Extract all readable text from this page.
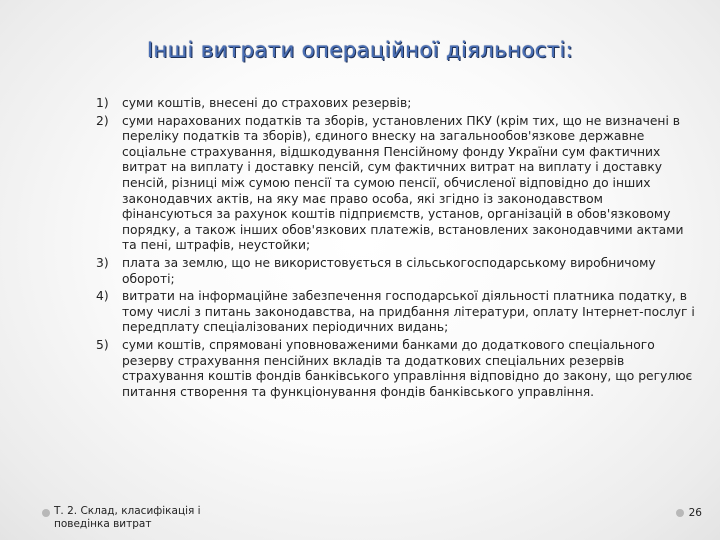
Інші витрати операційної діяльності:
1)	суми коштів, внесені до страхових резервів;
2)	суми нарахованих податків та зборів, установлених ПКУ (крім тих, що не визначені в переліку податків та зборів), єдиного внеску на загальнообов'язкове державне соціальне страхування, відшкодування Пенсійному фонду України сум фактичних витрат на виплату і доставку пенсій, сум фактичних витрат на виплату і доставку пенсій, різниці між сумою пенсії та сумою пенсії, обчисленої відповідно до інших законодавчих актів, на яку має право особа, які згідно із законодавством фінансуються за рахунок коштів підприємств, установ, організацій в обов'язковому порядку, а також інших обов'язкових платежів, встановлених законодавчими актами та пені, штрафів, неустойки;
3)	плата за землю, що не використовується в сільськогосподарському виробничому обороті;
4)	витрати на інформаційне забезпечення господарської діяльності платника податку, в тому числі з питань законодавства, на придбання літератури, оплату Інтернет-послуг і передплату спеціалізованих періодичних видань;
5)	суми коштів, спрямовані уповноваженими банками до додаткового спеціального резерву страхування пенсійних вкладів та додаткових спеціальних резервів страхування коштів фондів банківського управління відповідно до закону, що регулює питання створення та функціонування фондів банківського управління.
Т. 2. Склад, класифікація і поведінка витрат
26
